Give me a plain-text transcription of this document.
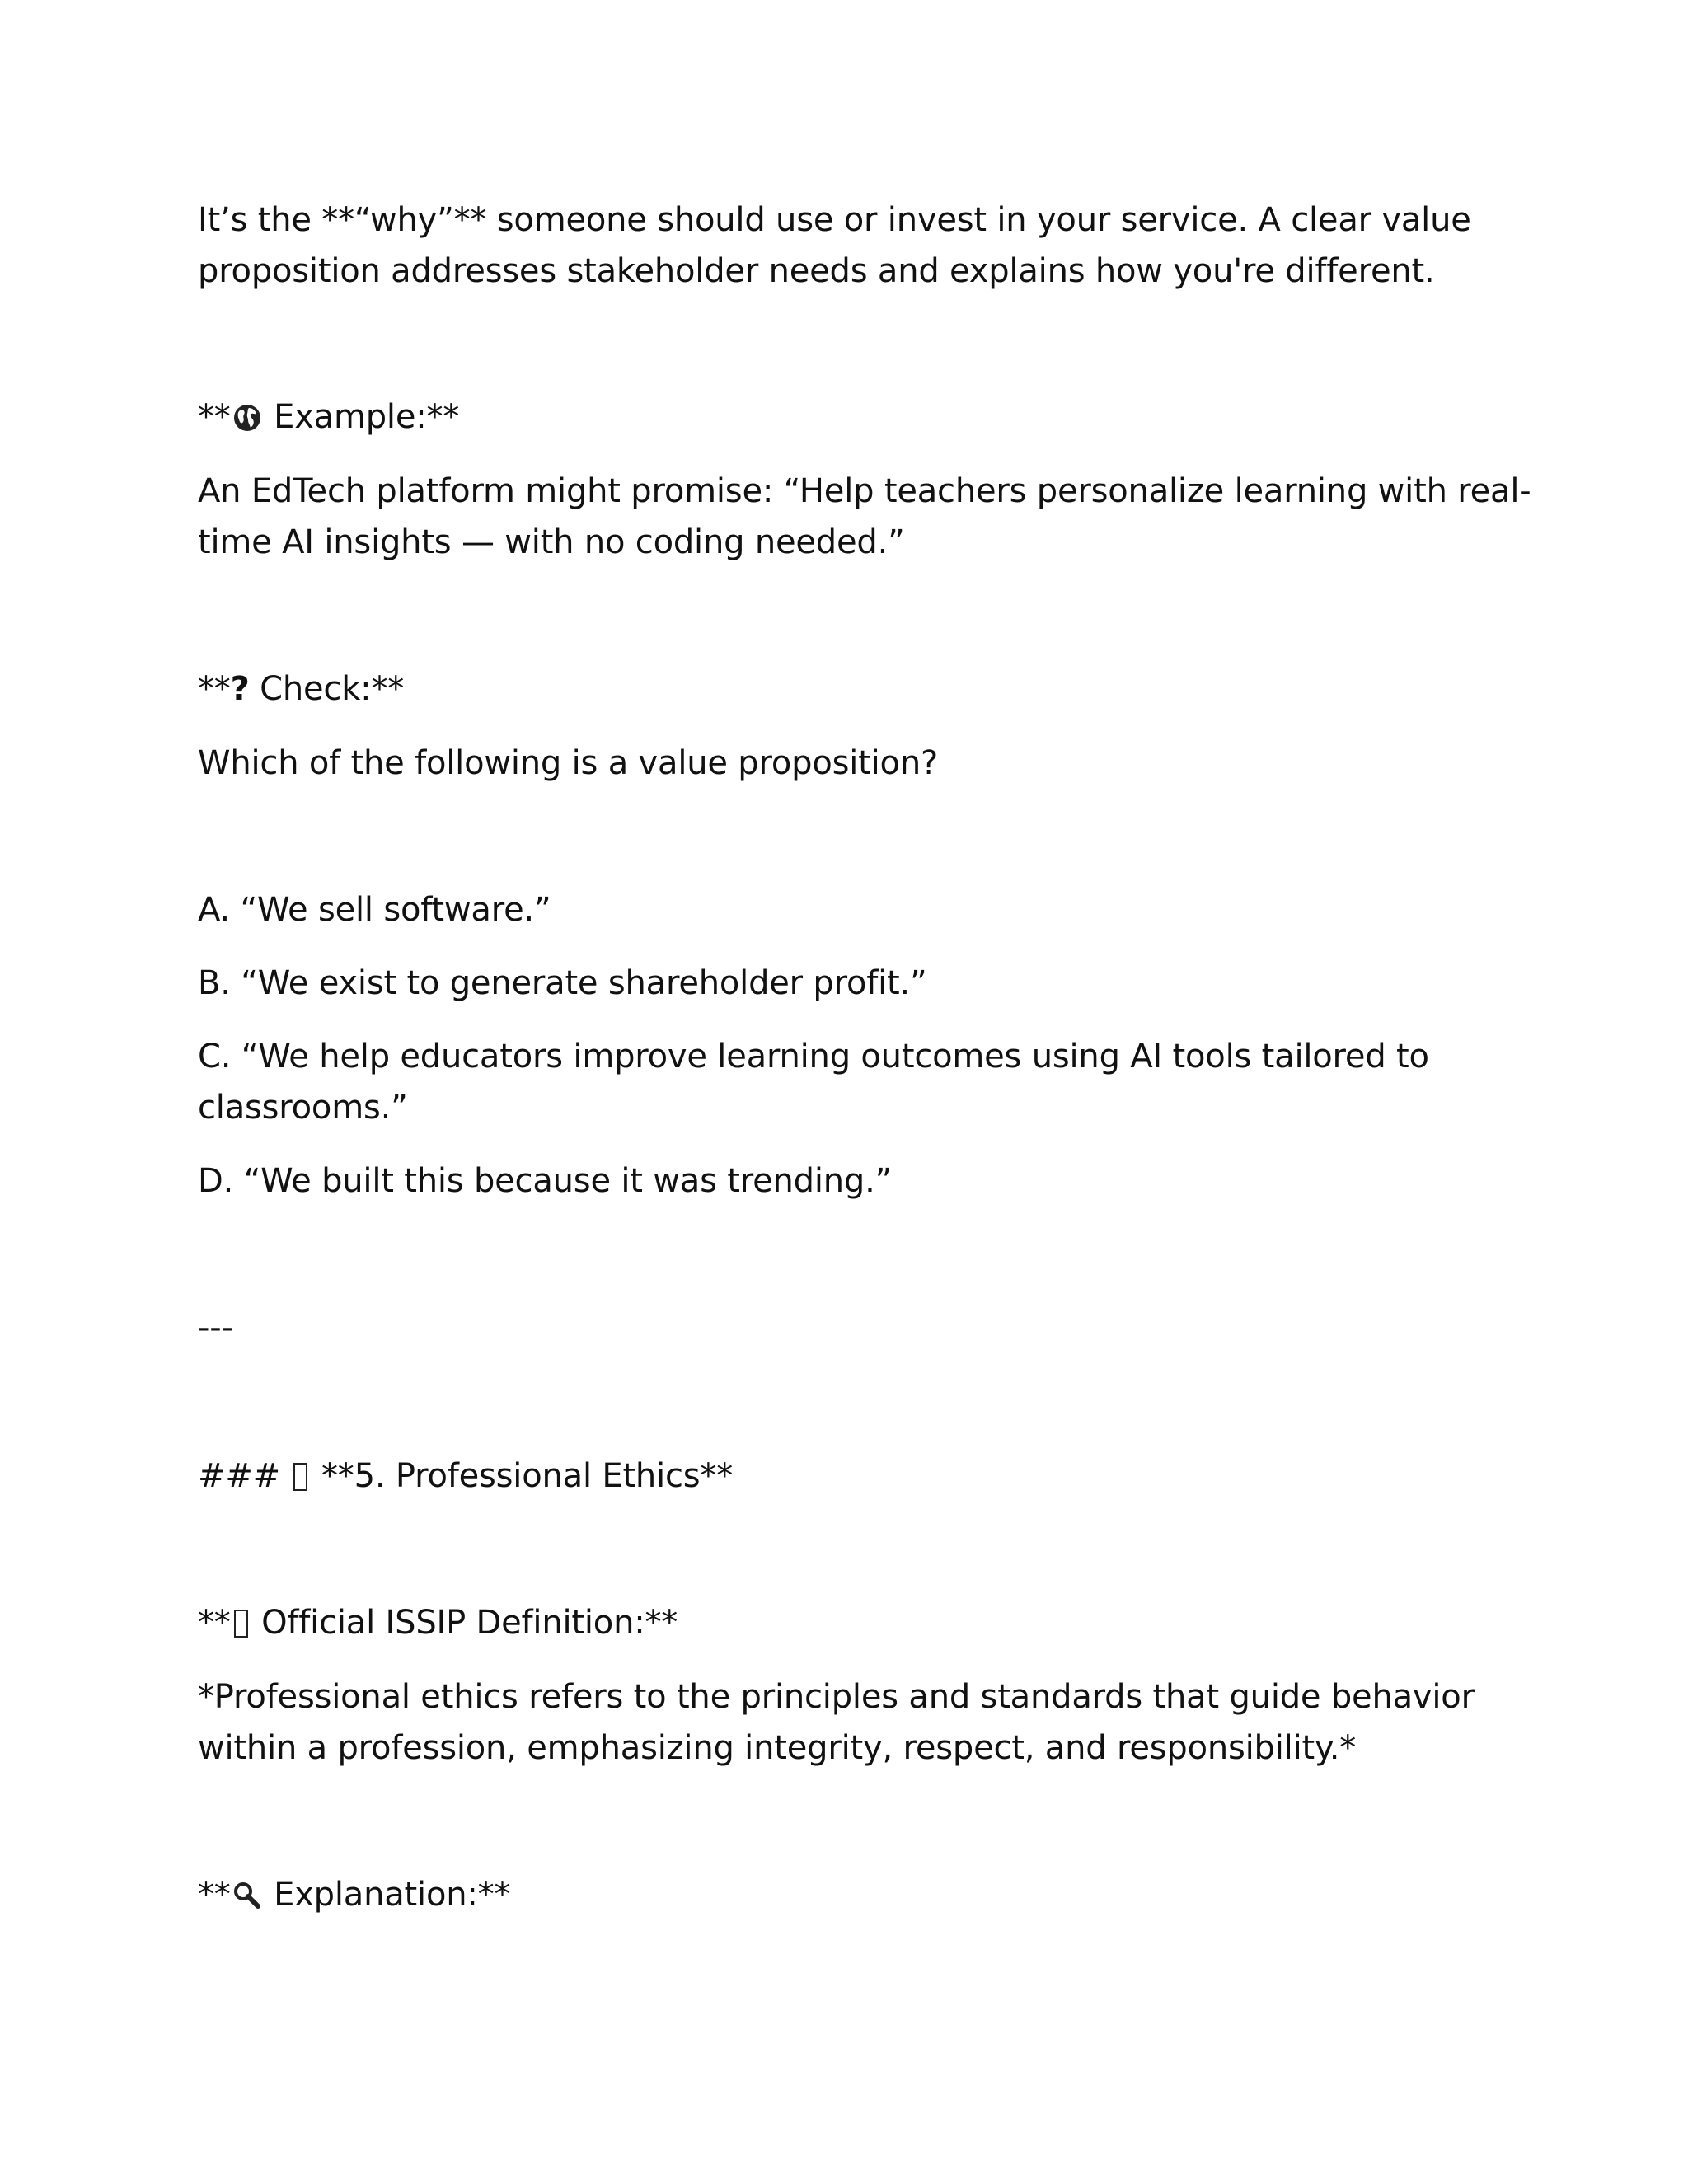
It’s the **“why”** someone should use or invest in your service. A clear value

proposition addresses stakeholder needs and explains how you're different.

** Example:**

An EdTech platform might promise: “Help teachers personalize learning with real-

time AI insights — with no coding needed.”

**? Check:**

Which of the following is a value proposition?

A. “We sell software.”

B. “We exist to generate shareholder profit.”

C. “We help educators improve learning outcomes using AI tools tailored to

classrooms.”

D. “We built this because it was trending.”

---

###  **5. Professional Ethics**

** Official ISSIP Definition:**

*Professional ethics refers to the principles and standards that guide behavior

within a profession, emphasizing integrity, respect, and responsibility.*

** Explanation:**
